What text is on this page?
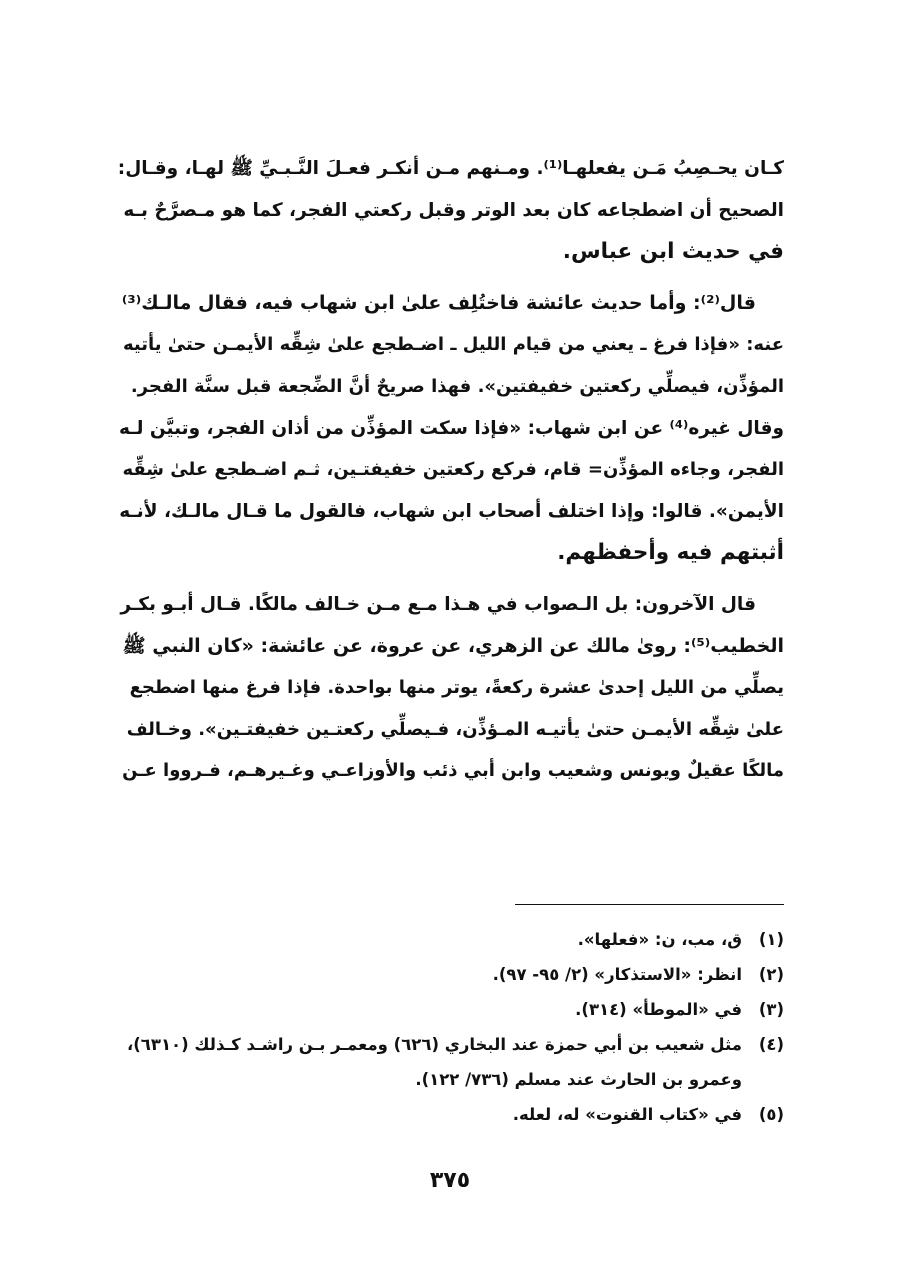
كـان يحـصِبُ مَـن يفعلهـا⁽¹⁾. ومـنهم مـن أنكـر فعـلَ النَّـبـيِّ ﷺ لهـا، وقـال:
الصحيح أن اضطجاعه كان بعد الوتر وقبل ركعتي الفجر، كما هو مـصرَّحٌ بـه
في حديث ابن عباس.

قال⁽²⁾: وأما حديث عائشة فاختُلِف علىٰ ابن شهاب فيه، فقال مالـك⁽³⁾
عنه: «فإذا فرغ ـ يعني من قيام الليل ـ اضـطجع علىٰ شِقِّه الأيمـن حتىٰ يأتيه
المؤذِّن، فيصلِّي ركعتين خفيفتين». فهذا صريحٌ أنَّ الضِّجعة قبل سنَّة الفجر.
وقال غيره⁽⁴⁾ عن ابن شهاب: «فإذا سكت المؤذِّن من أذان الفجر، وتبيَّن لـه
الفجر، وجاءه المؤذِّن= قام، فركع ركعتين خفيفتـين، ثـم اضـطجع علىٰ شِقِّه
الأيمن». قالوا: وإذا اختلف أصحاب ابن شهاب، فالقول ما قـال مالـك، لأنـه
أثبتهم فيه وأحفظهم.

قال الآخرون: بل الـصواب في هـذا مـع مـن خـالف مالكًا. قـال أبـو بكـر
الخطيب⁽⁵⁾: روىٰ مالك عن الزهري، عن عروة، عن عائشة: «كان النبي ﷺ
يصلِّي من الليل إحدىٰ عشرة ركعةً، يوتر منها بواحدة. فإذا فرغ منها اضطجع
علىٰ شِقِّه الأيمـن حتىٰ يأتيـه المـؤذِّن، فـيصلِّي ركعتـين خفيفتـين». وخـالف
مالكًا عقيلٌ ويونس وشعيب وابن أبي ذئب والأوزاعـي وغـيرهـم، فـرووا عـن

(١)
ق، مب، ن: «فعلها».
(٢)
انظر: «الاستذكار» (٢/ ٩٥- ٩٧).
(٣)
في «الموطأ» (٣١٤).
(٤)
مثل شعيب بن أبي حمزة عند البخاري (٦٢٦) ومعمـر بـن راشـد كـذلك (٦٣١٠)،
وعمرو بن الحارث عند مسلم (٧٣٦/ ١٢٢).
(٥)
في «كتاب القنوت» له، لعله.
٣٧٥
